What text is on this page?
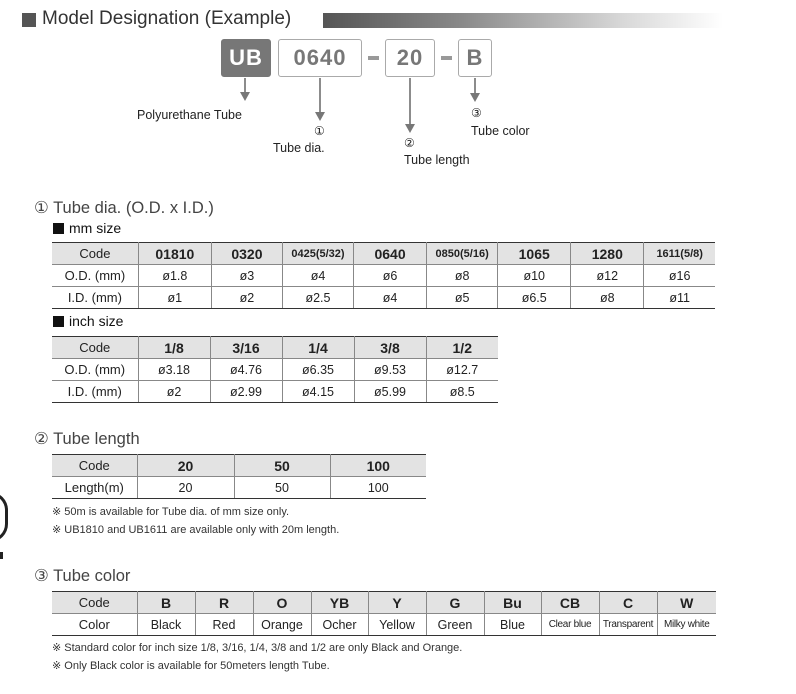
Model Designation (Example)
UB	0640	20	B
Polyurethane Tube
①
Tube dia.	②
Tube length
③
Tube color
① Tube dia. (O.D. x I.D.)
mm size
Code	01810	0320	0425(5/32)	0640	0850(5/16)	1065	1280	1611(5/8)
O.D. (mm)	ø1.8	ø3	ø4	ø6	ø8	ø10	ø12	ø16
I.D. (mm)	ø1	ø2	ø2.5	ø4	ø5	ø6.5	ø8	ø11
inch size
Code	1/8	3/16	1/4	3/8	1/2
O.D. (mm)	ø3.18	ø4.76	ø6.35	ø9.53	ø12.7
I.D. (mm)	ø2	ø2.99	ø4.15	ø5.99	ø8.5
② Tube length
Code	20	50	100
Length(m)	20	50	100
※ 50m is available for Tube dia. of mm size only.
※ UB1810 and UB1611 are available only with 20m length.
③ Tube color
Code	B	R	O	YB	Y	G	Bu	CB	C	W
Color	Black	Red	Orange	Ocher	Yellow	Green	Blue	Clear blue	Transparent	Milky white
※ Standard color for inch size 1/8, 3/16, 1/4, 3/8 and 1/2 are only Black and Orange.
※ Only Black color is available for 50meters length Tube.
